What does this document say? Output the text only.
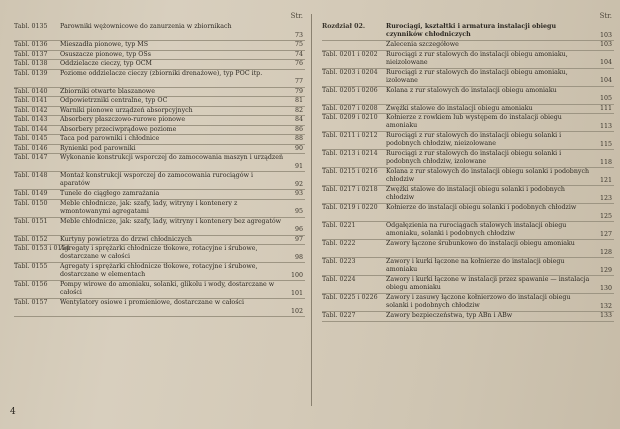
Str.
Tabl. 0135 Parowniki wężownicowe do zanurzenia w zbiornikach
73
Tabl. 0136 Mieszadła pionowe, typ MS	75
Tabl. 0137 Osuszacze pionowe, typ OSs	74
Tabl. 0138 Oddzielacze cieczy, typ OCM	76
Tabl. 0139 Poziome oddzielacze cieczy (zbiorniki drenażowe), typ POC itp.
77
Tabl. 0140 Zbiorniki otwarte blaszanowe	79
Tabl. 0141 Odpowietrzniki centralne, typ OC	81
Tabl. 0142 Warniki pionowe urządzeń absorpcyjnych	82
Tabl. 0143 Absorbery płaszczowo-rurowe pionowe	84
Tabl. 0144 Absorbery przeciwprądowe poziome	86
Tabl. 0145 Taca pod parowniki i chłodnice	88
Tabl. 0146 Rynienki pod parowniki	90
Tabl. 0147 Wykonanie konstrukcji wsporczej do zamocowania maszyn i urządzeń
91
Tabl. 0148 Montaż konstrukcji wsporczej do zamocowania rurociągów i aparatów	92
Tabl. 0149 Tunele do ciągłego zamrażania	93
Tabl. 0150 Meble chłodnicze, jak: szafy, lady, witryny i kontenery z wmontowanymi agregatami	95
Tabl. 0151 Meble chłodnicze, jak: szafy, lady, witryny i kontenery bez agregatów
96
Tabl. 0152 Kurtyny powietrza do drzwi chłodniczych	97
Tabl. 0153 i 0154
Agregaty i sprężarki chłodnicze tłokowe, rotacyjne i śrubowe, dostarczane w całości	98
Tabl. 0155 Agregaty i sprężarki chłodnicze tłokowe, rotacyjne i śrubowe, dostarczane w elementach	100
Tabl. 0156 Pompy wirowe do amoniaku, solanki, glikolu i wody, dostarczane w całości	101
Tabl. 0157 Wentylatory osiowe i promieniowe, dostarczane w całości
102
Str.
Rozdział 02.	Rurociągi, kształtki i armatura instalacji obiegu czynników chłodniczych	103
Zalecenia szczegółowe	103
Tabl. 0201 i 0202 Rurociągi z rur stalowych do instalacji obiegu amoniaku, nieizolowane	104
Tabl. 0203 i 0204 Rurociągi z rur stalowych do instalacji obiegu amoniaku, izolowane	104
Tabl. 0205 i 0206 Kolana z rur stalowych do instalacji obiegu amoniaku
105
Tabl. 0207 i 0208 Zwężki stalowe do instalacji obiegu amoniaku	111
Tabl. 0209 i 0210 Kołnierze z rowkiem lub występem do instalacji obiegu amoniaku	113
Tabl. 0211 i 0212 Rurociągi z rur stalowych do instalacji obiegu solanki i podobnych chłodziw, nieizolowane	115
Tabl. 0213 i 0214 Rurociągi z rur stalowych do instalacji obiegu solanki i podobnych chłodziw, izolowane	118
Tabl. 0215 i 0216 Kolana z rur stalowych do instalacji obiegu solanki i podobnych chłodziw	121
Tabl. 0217 i 0218 Zwężki stalowe do instalacji obiegu solanki i podobnych chłodziw	123
Tabl. 0219 i 0220 Kołnierze do instalacji obiegu solanki i podobnych chłodziw
125
Tabl. 0221	Odgałęzienia na rurociągach stalowych instalacji obiegu amoniaku, solanki i podobnych chłodziw	127
Tabl. 0222	Zawory łączone śrubunkowo do instalacji obiegu amoniaku
128
Tabl. 0223	Zawory i kurki łączone na kołnierze do instalacji obiegu amoniaku	129
Tabl. 0224	Zawory i kurki łączone w instalacji przez spawanie — instalacja obiegu amoniaku	130
Tabl. 0225 i 0226 Zawory i zasuwy łączone kołnierzowo do instalacji obiegu solanki i podobnych chłodziw	132
Tabl. 0227	Zawory bezpieczeństwa, typ ABn i ABw	133
4
